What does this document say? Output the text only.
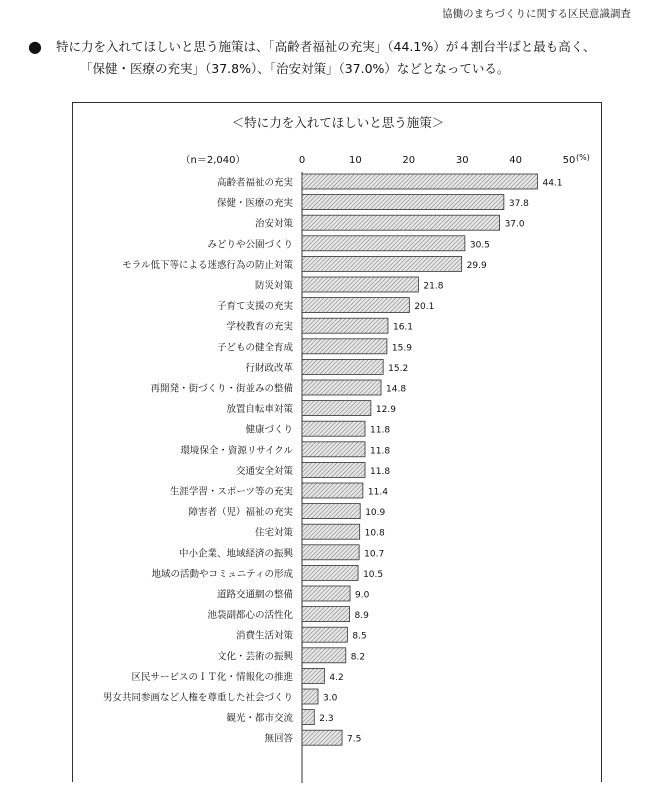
協働のまちづくりに関する区民意識調査
● 特に力を入れてほしいと思う施策は、「高齢者福祉の充実」（44.1%）が４割台半ばと最も高く、
「保健・医療の充実」（37.8%）、「治安対策」（37.0%）などとなっている。
＜特に力を入れてほしいと思う施策＞
（n＝2,040）	0	10	20	30	40	50 (%)
高齢者福祉の充実	44.1
保健・医療の充実	37.8
治安対策	37.0
みどりや公園づくり	30.5
モラル低下等による迷惑行為の防止対策	29.9
防災対策	21.8
子育て支援の充実	20.1
学校教育の充実	16.1
子どもの健全育成	15.9
行財政改革	15.2
再開発・街づくり・街並みの整備	14.8
放置自転車対策	12.9
健康づくり	11.8
環境保全・資源リサイクル	11.8
交通安全対策	11.8
生涯学習・スポーツ等の充実	11.4
障害者（児）福祉の充実	10.9
住宅対策	10.8
中小企業、地域経済の振興	10.7
地域の活動やコミュニティの形成	10.5
道路交通網の整備	9.0
池袋副都心の活性化	8.9
消費生活対策	8.5
文化・芸術の振興	8.2
区民サービスのＩＴ化・情報化の推進	4.2
男女共同参画など人権を尊重した社会づくり	3.0
観光・都市交流	2.3
無回答	7.5
